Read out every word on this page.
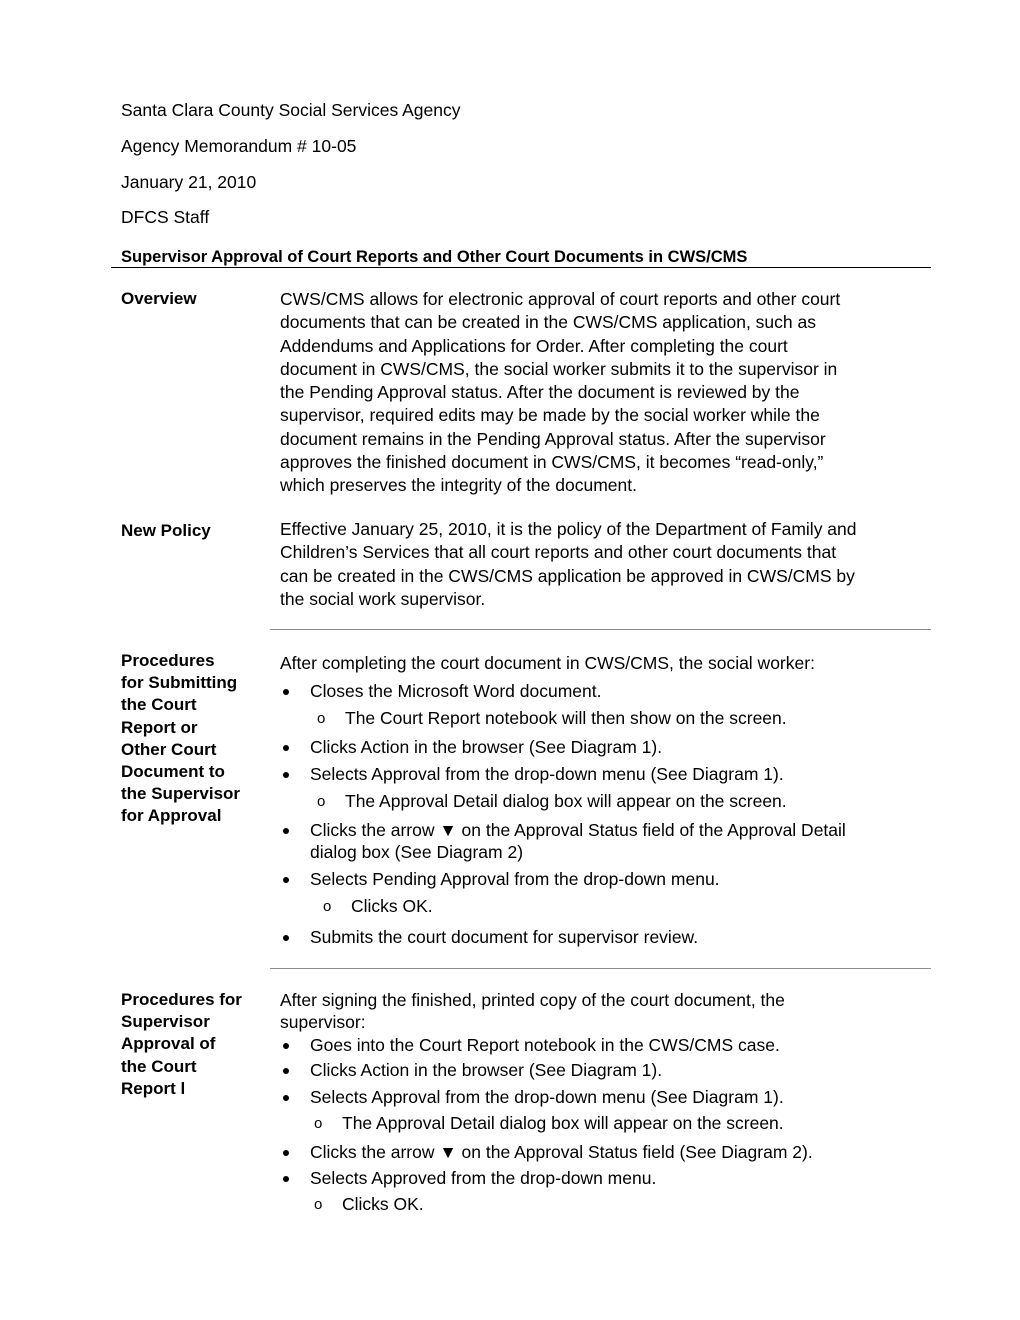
Santa Clara County Social Services Agency
Agency Memorandum # 10-05
January 21, 2010
DFCS Staff
Supervisor Approval of Court Reports and Other Court Documents in CWS/CMS
Overview	CWS/CMS allows for electronic approval of court reports and other court
documents that can be created in the CWS/CMS application, such as
Addendums and Applications for Order. After completing the court
document in CWS/CMS, the social worker submits it to the supervisor in
the Pending Approval status. After the document is reviewed by the
supervisor, required edits may be made by the social worker while the
document remains in the Pending Approval status. After the supervisor
approves the finished document in CWS/CMS, it becomes “read-only,”
which preserves the integrity of the document.
New Policy	Effective January 25, 2010, it is the policy of the Department of Family and
Children’s Services that all court reports and other court documents that
can be created in the CWS/CMS application be approved in CWS/CMS by
the social work supervisor.
Procedures
for Submitting
the Court
Report or
Other Court
Document to
the Supervisor
for Approval
After completing the court document in CWS/CMS, the social worker:
Closes the Microsoft Word document.
o The Court Report notebook will then show on the screen.
Clicks Action in the browser (See Diagram 1).
Selects Approval from the drop-down menu (See Diagram 1).
o The Approval Detail dialog box will appear on the screen.
Clicks the arrow ▼ on the Approval Status field of the Approval Detail
dialog box (See Diagram 2)
Selects Pending Approval from the drop-down menu.
o Clicks OK.
Submits the court document for supervisor review.
Procedures for
Supervisor
Approval of
the Court
Report l
After signing the finished, printed copy of the court document, the
supervisor:
Goes into the Court Report notebook in the CWS/CMS case.
Clicks Action in the browser (See Diagram 1).
Selects Approval from the drop-down menu (See Diagram 1).
o The Approval Detail dialog box will appear on the screen.
Clicks the arrow ▼ on the Approval Status field (See Diagram 2).
Selects Approved from the drop-down menu.
o Clicks OK.
